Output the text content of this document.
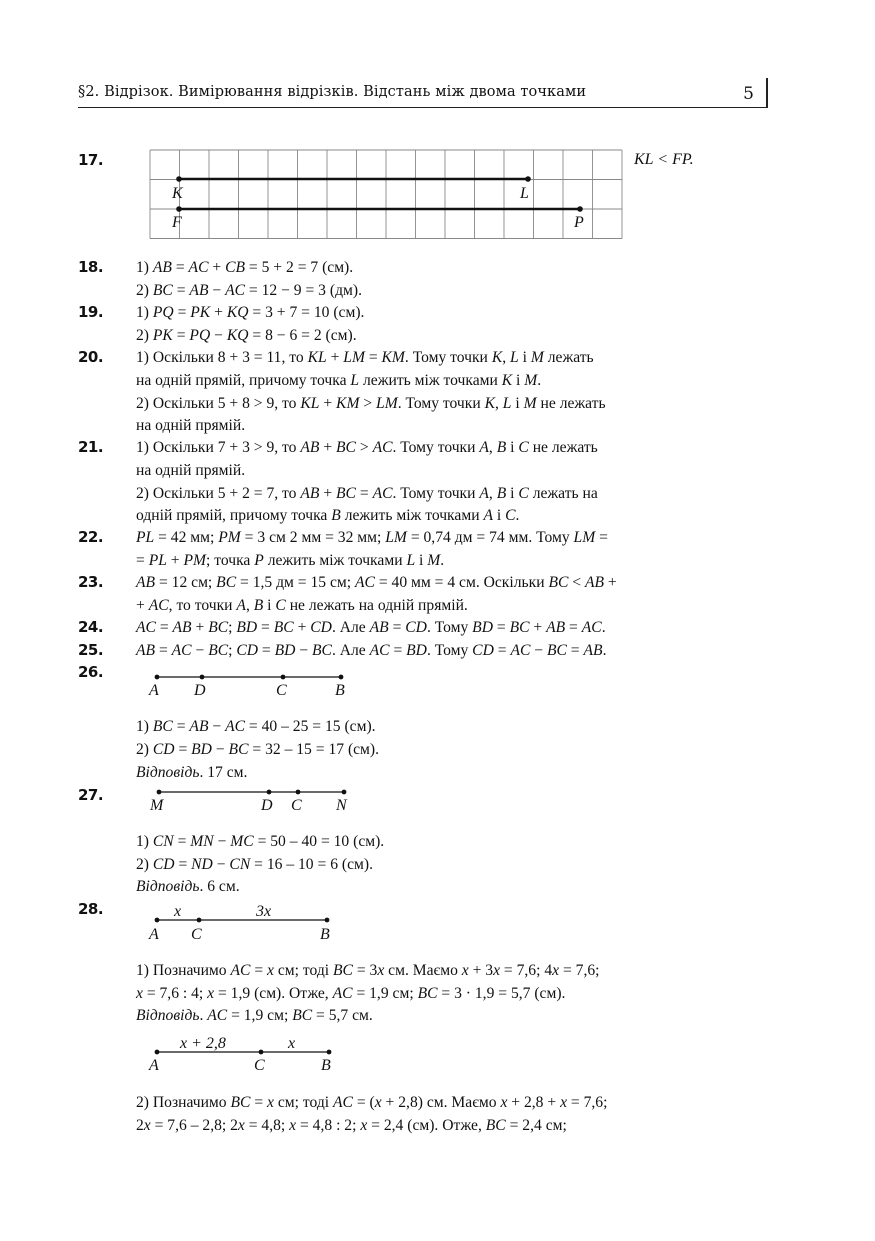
§2. Відрізок. Вимірювання відрізків. Відстань між двома точками	5
17.
K	L
F	P
KL < FP.
18. 1) AB = AC + CB = 5 + 2 = 7 (см).
2) BC = AB − AC = 12 − 9 = 3 (дм).
19. 1) PQ = PK + KQ = 3 + 7 = 10 (см).
2) PK = PQ − KQ = 8 − 6 = 2 (см).
20. 1) Оскільки 8 + 3 = 11, то KL + LM = KM. Тому точки K, L і M лежать
на одній прямій, причому точка L лежить між точками K і M.
2) Оскільки 5 + 8 > 9, то KL + KM > LM. Тому точки K, L і M не лежать
на одній прямій.
21. 1) Оскільки 7 + 3 > 9, то AB + BC > AC. Тому точки A, B і C не лежать
на одній прямій.
2) Оскільки 5 + 2 = 7, то AB + BC = AC. Тому точки A, B і C лежать на
одній прямій, причому точка B лежить між точками A і C.
22. PL = 42 мм; PM = 3 см 2 мм = 32 мм; LM = 0,74 дм = 74 мм. Тому LM =
= PL + PM; точка P лежить між точками L і M.
23. AB = 12 см; BC = 1,5 дм = 15 см; AC = 40 мм = 4 см. Оскільки BC < AB +
+ AC, то точки A, B і C не лежать на одній прямій.
24. AC = AB + BC; BD = BC + CD. Але AB = CD. Тому BD = BC + AB = AC.
25. AB = AC − BC; CD = BD − BC. Але AC = BD. Тому CD = AC − BC = AB.
26.
A D	C	B
1) BC = AB − AC = 40 – 25 = 15 (см).
2) CD = BD − BC = 32 – 15 = 17 (см).
Відповідь. 17 см.
27.
M	D C N
1) CN = MN − MC = 50 – 40 = 10 (см).
2) CD = ND − CN = 16 – 10 = 6 (см).
Відповідь. 6 см.
28.	x	3x
A C	B
1) Позначимо AC = x см; тоді BC = 3x см. Маємо x + 3x = 7,6; 4x = 7,6;
x = 7,6 : 4; x = 1,9 (см). Отже, AC = 1,9 см; BC = 3 · 1,9 = 5,7 (см).
Відповідь. AC = 1,9 см; BC = 5,7 см.
x + 2,8	x
A	C	B
2) Позначимо BC = x см; тоді AC = (x + 2,8) см. Маємо x + 2,8 + x = 7,6;
2x = 7,6 – 2,8; 2x = 4,8; x = 4,8 : 2; x = 2,4 (см). Отже, BC = 2,4 см;
